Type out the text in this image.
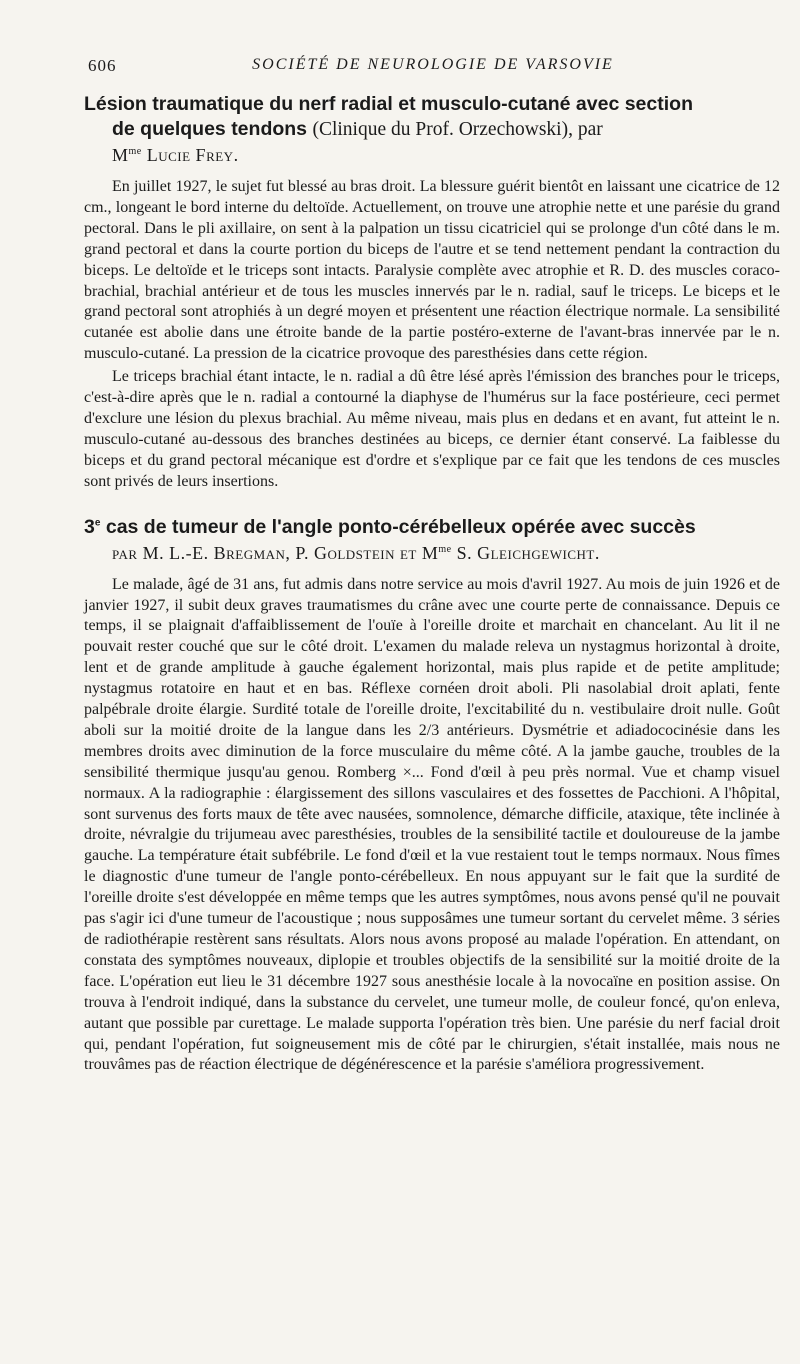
606	SOCIÉTÉ DE NEUROLOGIE DE VARSOVIE
Lésion traumatique du nerf radial et musculo-cutané avec section
de quelques tendons (Clinique du Prof. Orzechowski), par
$M^{me}$ Lucie Frey.

En juillet 1927, le sujet fut blessé au bras droit. La blessure guérit bientôt en laissant une cicatrice de 12 cm., longeant le bord interne du deltoïde. Actuellement, on trouve une atrophie nette et une parésie du grand pectoral. Dans le pli axillaire, on sent à la palpation un tissu cicatriciel qui se prolonge d'un côté dans le m. grand pectoral et dans la courte portion du biceps de l'autre et se tend nettement pendant la contraction du biceps. Le deltoïde et le triceps sont intacts. Paralysie complète avec atrophie et R. D. des muscles coraco-brachial, brachial antérieur et de tous les muscles innervés par le n. radial, sauf le triceps. Le biceps et le grand pectoral sont atrophiés à un degré moyen et présentent une réaction électrique normale. La sensibilité cutanée est abolie dans une étroite bande de la partie postéro-externe de l'avant-bras innervée par le n. musculo-cutané. La pression de la cicatrice provoque des paresthésies dans cette région.

Le triceps brachial étant intacte, le n. radial a dû être lésé après l'émission des branches pour le triceps, c'est-à-dire après que le n. radial a contourné la diaphyse de l'humérus sur la face postérieure, ceci permet d'exclure une lésion du plexus brachial. Au même niveau, mais plus en dedans et en avant, fut atteint le n. musculo-cutané au-dessous des branches destinées au biceps, ce dernier étant conservé. La faiblesse du biceps et du grand pectoral mécanique est d'ordre et s'explique par ce fait que les tendons de ces muscles sont privés de leurs insertions.

3e cas de tumeur de l'angle ponto-cérébelleux opérée avec succès
par M. L.-E. Bregman, P. Goldstein et $M^{me}$ S. Gleichgewicht.

Le malade, âgé de 31 ans, fut admis dans notre service au mois d'avril 1927. Au mois de juin 1926 et de janvier 1927, il subit deux graves traumatismes du crâne avec une courte perte de connaissance. Depuis ce temps, il se plaignait d'affaiblissement de l'ouïe à l'oreille droite et marchait en chancelant. Au lit il ne pouvait rester couché que sur le côté droit. L'examen du malade releva un nystagmus horizontal à droite, lent et de grande amplitude à gauche également horizontal, mais plus rapide et de petite amplitude; nystagmus rotatoire en haut et en bas. Réflexe cornéen droit aboli. Pli nasolabial droit aplati, fente palpébrale droite élargie. Surdité totale de l'oreille droite, l'excitabilité du n. vestibulaire droit nulle. Goût aboli sur la moitié droite de la langue dans les 2/3 antérieurs. Dysmétrie et adiadococinésie dans les membres droits avec diminution de la force musculaire du même côté. A la jambe gauche, troubles de la sensibilité thermique jusqu'au genou. Romberg ×... Fond d'œil à peu près normal. Vue et champ visuel normaux. A la radiographie : élargissement des sillons vasculaires et des fossettes de Pacchioni. A l'hôpital, sont survenus des forts maux de tête avec nausées, somnolence, démarche difficile, ataxique, tête inclinée à droite, névralgie du trijumeau avec paresthésies, troubles de la sensibilité tactile et douloureuse de la jambe gauche. La température était subfébrile. Le fond d'œil et la vue restaient tout le temps normaux. Nous fîmes le diagnostic d'une tumeur de l'angle ponto-cérébelleux. En nous appuyant sur le fait que la surdité de l'oreille droite s'est développée en même temps que les autres symptômes, nous avons pensé qu'il ne pouvait pas s'agir ici d'une tumeur de l'acoustique ; nous supposâmes une tumeur sortant du cervelet même. 3 séries de radiothérapie restèrent sans résultats. Alors nous avons proposé au malade l'opération. En attendant, on constata des symptômes nouveaux, diplopie et troubles objectifs de la sensibilité sur la moitié droite de la face. L'opération eut lieu le 31 décembre 1927 sous anesthésie locale à la novocaïne en position assise. On trouva à l'endroit indiqué, dans la substance du cervelet, une tumeur molle, de couleur foncé, qu'on enleva, autant que possible par curettage. Le malade supporta l'opération très bien. Une parésie du nerf facial droit qui, pendant l'opération, fut soigneusement mis de côté par le chirurgien, s'était installée, mais nous ne trouvâmes pas de réaction électrique de dégénérescence et la parésie s'améliora progressivement.
